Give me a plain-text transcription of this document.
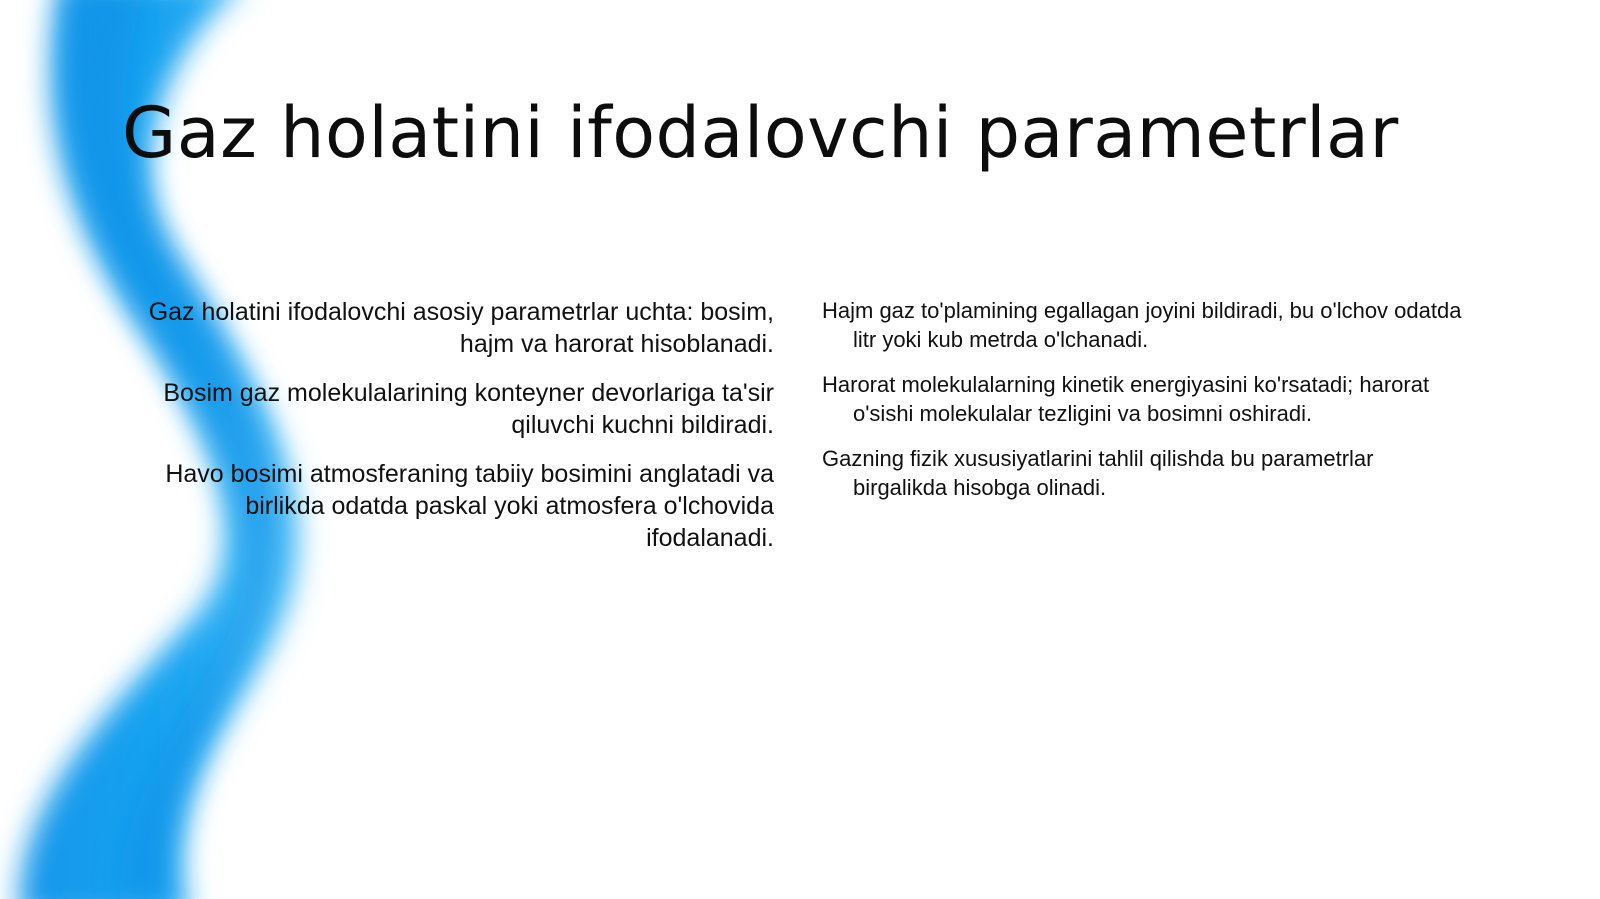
Gaz holatini ifodalovchi parametrlar

Gaz holatini ifodalovchi asosiy parametrlar uchta: bosim, hajm va harorat hisoblanadi.

Bosim gaz molekulalarining konteyner devorlariga ta'sir qiluvchi kuchni bildiradi.

Havo bosimi atmosferaning tabiiy bosimini anglatadi va birlikda odatda paskal yoki atmosfera o'lchovida ifodalanadi.

Hajm gaz to'plamining egallagan joyini bildiradi, bu o'lchov odatda litr yoki kub metrda o'lchanadi.

Harorat molekulalarning kinetik energiyasini ko'rsatadi; harorat o'sishi molekulalar tezligini va bosimni oshiradi.

Gazning fizik xususiyatlarini tahlil qilishda bu parametrlar birgalikda hisobga olinadi.
